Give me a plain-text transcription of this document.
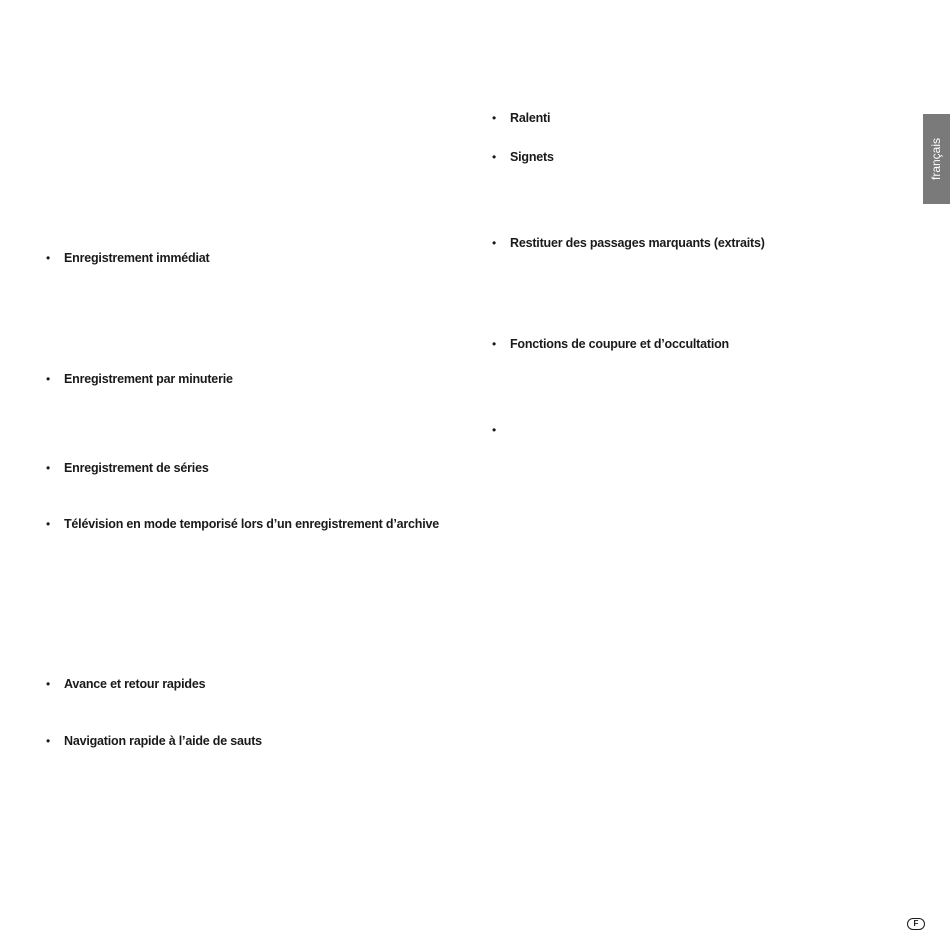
•	Enregistrement immédiat
•	Enregistrement par minuterie
•	Enregistrement de séries
•	Télévision en mode temporisé lors d’un enregistrement d’archive
•	Avance et retour rapides
•	Navigation rapide à l’aide de sauts
•	Ralenti
•	Signets
•	Restituer des passages marquants (extraits)
•	Fonctions de coupure et d’occultation
•
français
F
